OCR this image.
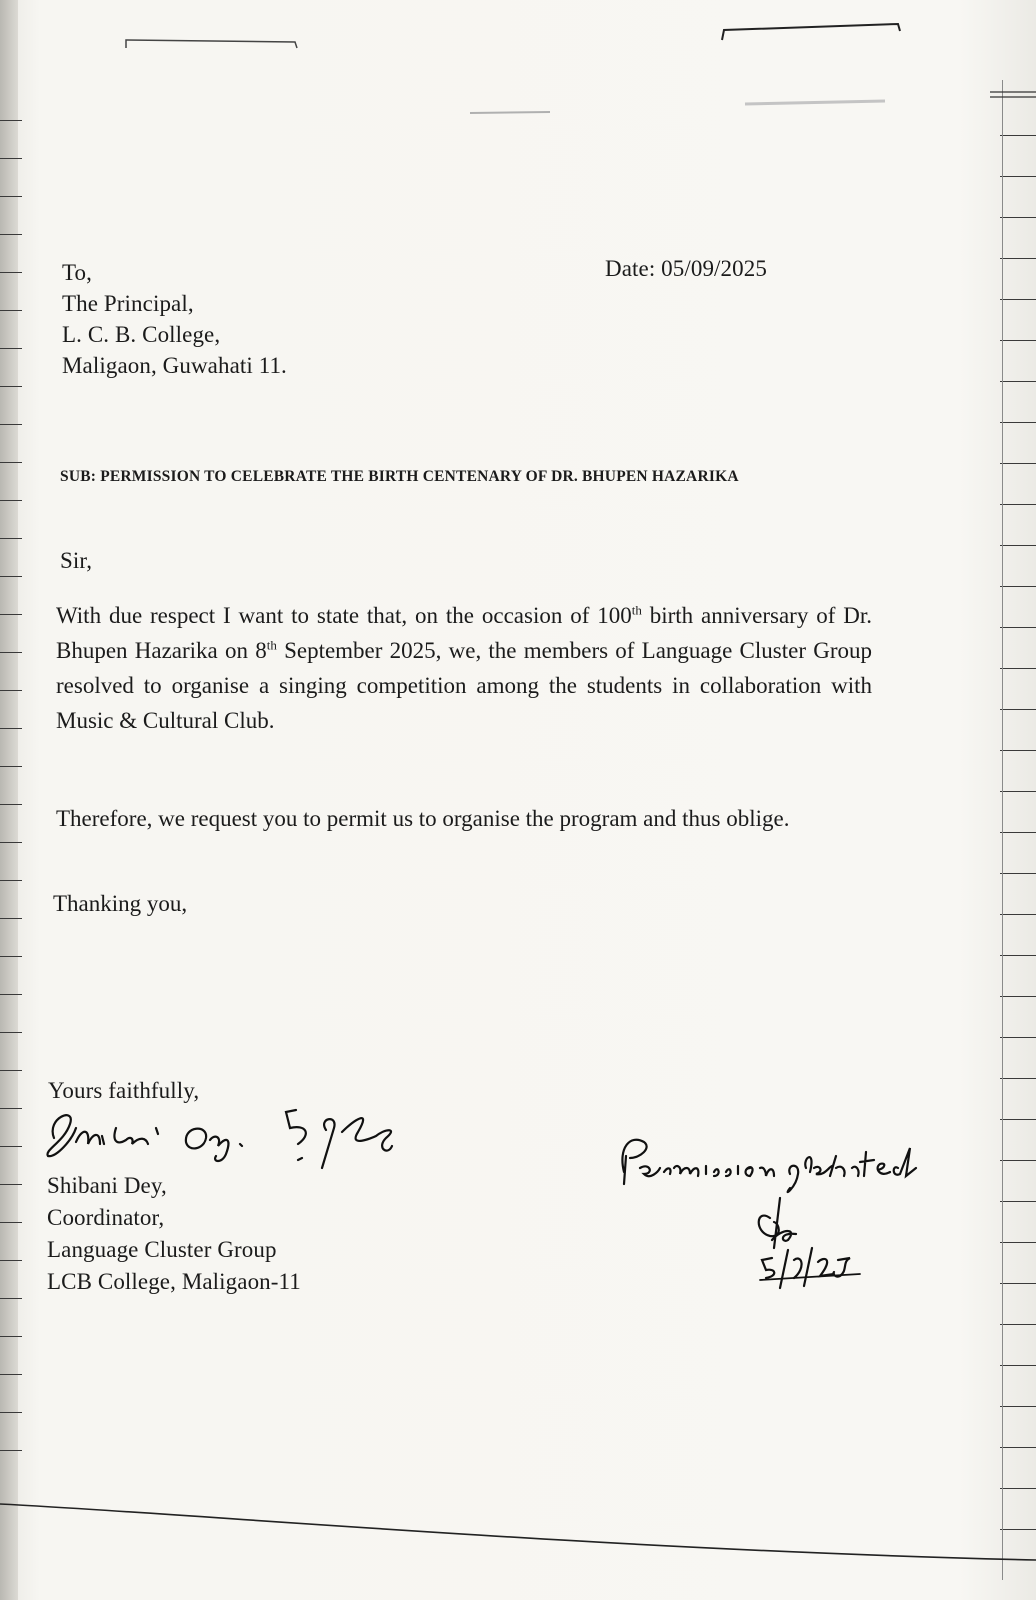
To,
The Principal,
L. C. B. College,
Maligaon, Guwahati 11.
Date: 05/09/2025
SUB: PERMISSION TO CELEBRATE THE BIRTH CENTENARY OF DR. BHUPEN HAZARIKA
Sir,
With due respect I want to state that, on the occasion of 100th birth anniversary of Dr. Bhupen Hazarika on 8th September 2025, we, the members of Language Cluster Group resolved to organise a singing competition among the students in collaboration with Music & Cultural Club.
Therefore, we request you to permit us to organise the program and thus oblige.
Thanking you,
Yours faithfully,
Shibani Dey,
Coordinator,
Language Cluster Group
LCB College, Maligaon-11
